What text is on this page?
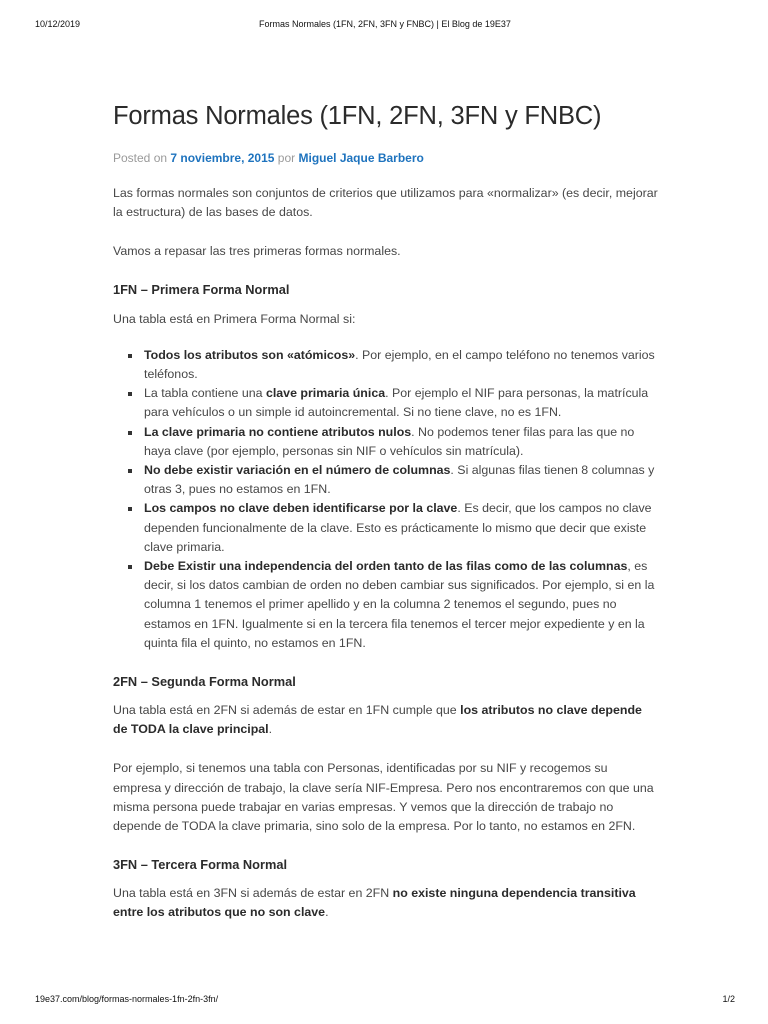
10/12/2019	Formas Normales (1FN, 2FN, 3FN y FNBC) | El Blog de 19E37
Formas Normales (1FN, 2FN, 3FN y FNBC)
Posted on 7 noviembre, 2015 por Miguel Jaque Barbero

Las formas normales son conjuntos de criterios que utilizamos para «normalizar» (es decir, mejorar la estructura) de las bases de datos.

Vamos a repasar las tres primeras formas normales.

1FN – Primera Forma Normal

Una tabla está en Primera Forma Normal si:

Todos los atributos son «atómicos». Por ejemplo, en el campo teléfono no tenemos varios teléfonos.
La tabla contiene una clave primaria única. Por ejemplo el NIF para personas, la matrícula para vehículos o un simple id autoincremental. Si no tiene clave, no es 1FN.
La clave primaria no contiene atributos nulos. No podemos tener filas para las que no haya clave (por ejemplo, personas sin NIF o vehículos sin matrícula).
No debe existir variación en el número de columnas. Si algunas filas tienen 8 columnas y otras 3, pues no estamos en 1FN.
Los campos no clave deben identificarse por la clave. Es decir, que los campos no clave dependen funcionalmente de la clave. Esto es prácticamente lo mismo que decir que existe clave primaria.
Debe Existir una independencia del orden tanto de las filas como de las columnas, es decir, si los datos cambian de orden no deben cambiar sus significados. Por ejemplo, si en la columna 1 tenemos el primer apellido y en la columna 2 tenemos el segundo, pues no estamos en 1FN. Igualmente si en la tercera fila tenemos el tercer mejor expediente y en la quinta fila el quinto, no estamos en 1FN.
2FN – Segunda Forma Normal

Una tabla está en 2FN si además de estar en 1FN cumple que los atributos no clave depende de TODA la clave principal.

Por ejemplo, si tenemos una tabla con Personas, identificadas por su NIF y recogemos su empresa y dirección de trabajo, la clave sería NIF-Empresa. Pero nos encontraremos con que una misma persona puede trabajar en varias empresas. Y vemos que la dirección de trabajo no depende de TODA la clave primaria, sino solo de la empresa. Por lo tanto, no estamos en 2FN.

3FN – Tercera Forma Normal

Una tabla está en 3FN si además de estar en 2FN no existe ninguna dependencia transitiva entre los atributos que no son clave.

19e37.com/blog/formas-normales-1fn-2fn-3fn/	1/2
